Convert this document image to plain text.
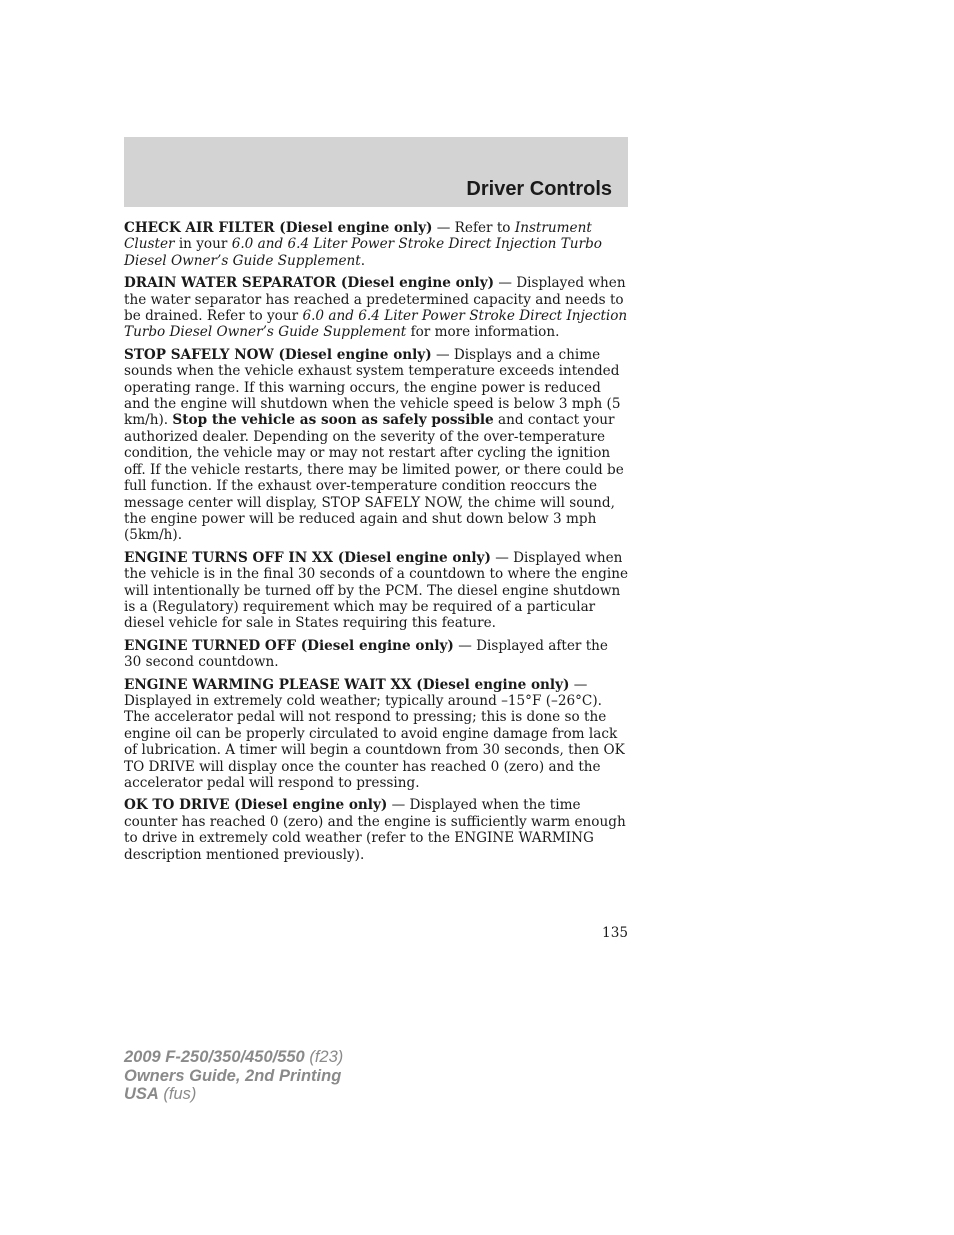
Driver Controls

CHECK AIR FILTER (Diesel engine only) — Refer to Instrument Cluster in your 6.0 and 6.4 Liter Power Stroke Direct Injection Turbo Diesel Owner’s Guide Supplement.

DRAIN WATER SEPARATOR (Diesel engine only) — Displayed when the water separator has reached a predetermined capacity and needs to be drained. Refer to your 6.0 and 6.4 Liter Power Stroke Direct Injection Turbo Diesel Owner’s Guide Supplement for more information.

STOP SAFELY NOW (Diesel engine only) — Displays and a chime sounds when the vehicle exhaust system temperature exceeds intended operating range. If this warning occurs, the engine power is reduced and the engine will shutdown when the vehicle speed is below 3 mph (5 km/h). Stop the vehicle as soon as safely possible and contact your authorized dealer. Depending on the severity of the over-temperature condition, the vehicle may or may not restart after cycling the ignition off. If the vehicle restarts, there may be limited power, or there could be full function. If the exhaust over-temperature condition reoccurs the message center will display, STOP SAFELY NOW, the chime will sound, the engine power will be reduced again and shut down below 3 mph (5km/h).

ENGINE TURNS OFF IN XX (Diesel engine only) — Displayed when the vehicle is in the final 30 seconds of a countdown to where the engine will intentionally be turned off by the PCM. The diesel engine shutdown is a (Regulatory) requirement which may be required of a particular diesel vehicle for sale in States requiring this feature.

ENGINE TURNED OFF (Diesel engine only) — Displayed after the 30 second countdown.

ENGINE WARMING PLEASE WAIT XX (Diesel engine only) — Displayed in extremely cold weather; typically around –15°F (–26°C). The accelerator pedal will not respond to pressing; this is done so the engine oil can be properly circulated to avoid engine damage from lack of lubrication. A timer will begin a countdown from 30 seconds, then OK TO DRIVE will display once the counter has reached 0 (zero) and the accelerator pedal will respond to pressing.

OK TO DRIVE (Diesel engine only) — Displayed when the time counter has reached 0 (zero) and the engine is sufficiently warm enough to drive in extremely cold weather (refer to the ENGINE WARMING description mentioned previously).

135
2009 F-250/350/450/550 (f23)
Owners Guide, 2nd Printing
USA (fus)
